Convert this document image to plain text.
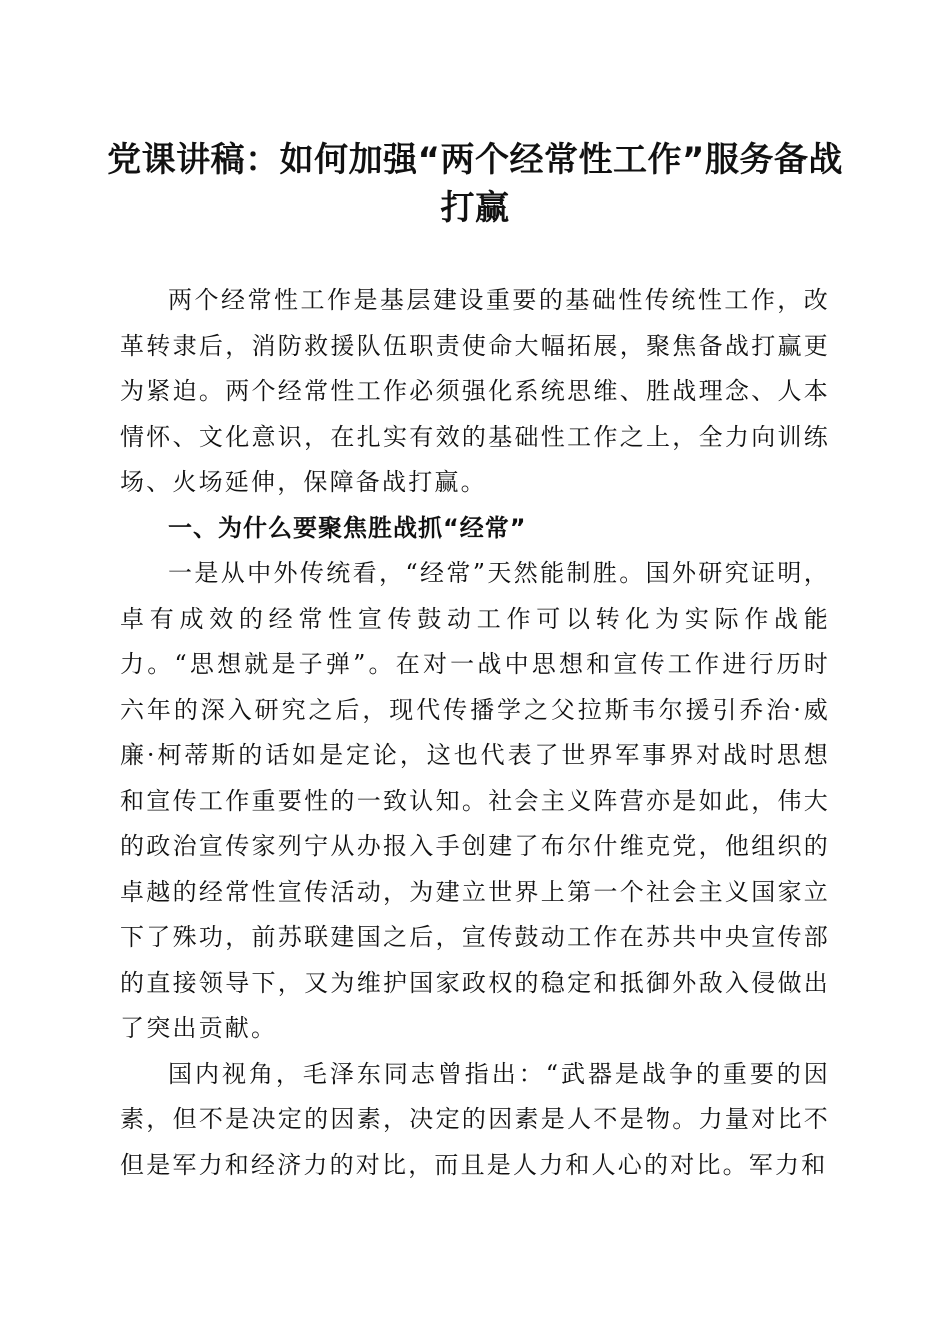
党课讲稿：如何加强“两个经常性工作”服务备战打赢

两个经常性工作是基层建设重要的基础性传统性工作，改革转隶后，消防救援队伍职责使命大幅拓展，聚焦备战打赢更为紧迫。两个经常性工作必须强化系统思维、胜战理念、人本情怀、文化意识，在扎实有效的基础性工作之上，全力向训练场、火场延伸，保障备战打赢。

一、为什么要聚焦胜战抓“经常”

一是从中外传统看，“经常”天然能制胜。国外研究证明，卓有成效的经常性宣传鼓动工作可以转化为实际作战能力。“思想就是子弹”。在对一战中思想和宣传工作进行历时六年的深入研究之后，现代传播学之父拉斯韦尔援引乔治·威廉·柯蒂斯的话如是定论，这也代表了世界军事界对战时思想和宣传工作重要性的一致认知。社会主义阵营亦是如此，伟大的政治宣传家列宁从办报入手创建了布尔什维克党，他组织的卓越的经常性宣传活动，为建立世界上第一个社会主义国家立下了殊功，前苏联建国之后，宣传鼓动工作在苏共中央宣传部的直接领导下，又为维护国家政权的稳定和抵御外敌入侵做出了突出贡献。

国内视角，毛泽东同志曾指出：“武器是战争的重要的因素，但不是决定的因素，决定的因素是人不是物。力量对比不但是军力和经济力的对比，而且是人力和人心的对比。军力和
